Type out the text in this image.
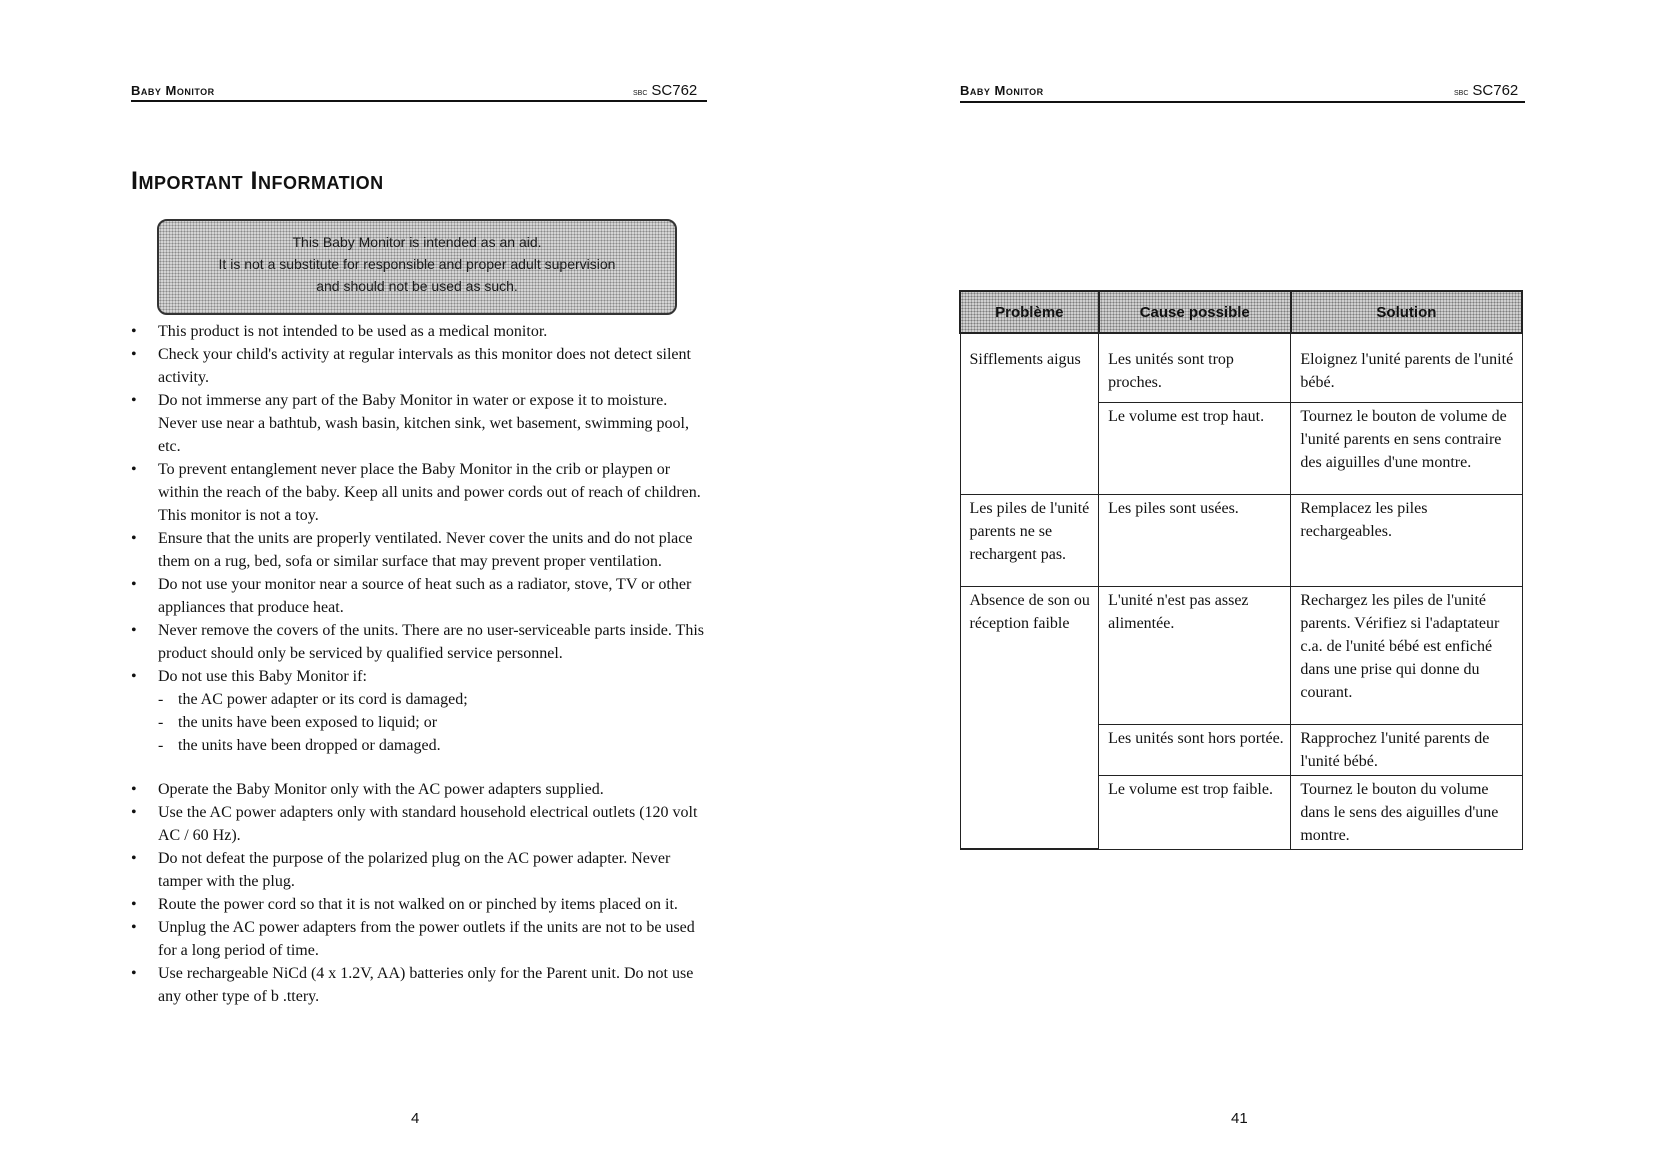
Baby Monitor	sbc SC762
Important Information
This Baby Monitor is intended as an aid.
It is not a substitute for responsible and proper adult supervision
and should not be used as such.
• This product is not intended to be used as a medical monitor.
• Check your child's activity at regular intervals as this monitor does not detect silent activity.
• Do not immerse any part of the Baby Monitor in water or expose it to moisture. Never use near a bathtub, wash basin, kitchen sink, wet basement, swimming pool, etc.
• To prevent entanglement never place the Baby Monitor in the crib or playpen or within the reach of the baby. Keep all units and power cords out of reach of children. This monitor is not a toy.
• Ensure that the units are properly ventilated. Never cover the units and do not place them on a rug, bed, sofa or similar surface that may prevent proper ventilation.
• Do not use your monitor near a source of heat such as a radiator, stove, TV or other appliances that produce heat.
• Never remove the covers of the units. There are no user-serviceable parts inside. This product should only be serviced by qualified service personnel.
• Do not use this Baby Monitor if:
- the AC power adapter or its cord is damaged;
- the units have been exposed to liquid; or
- the units have been dropped or damaged.
• Operate the Baby Monitor only with the AC power adapters supplied.
• Use the AC power adapters only with standard household electrical outlets (120 volt AC / 60 Hz).
• Do not defeat the purpose of the polarized plug on the AC power adapter. Never tamper with the plug.
• Route the power cord so that it is not walked on or pinched by items placed on it.
• Unplug the AC power adapters from the power outlets if the units are not to be used for a long period of time.
• Use rechargeable NiCd (4 x 1.2V, AA) batteries only for the Parent unit. Do not use any other type of b .ttery.
4
Baby Monitor	sbc SC762
Problème	Cause possible	Solution
Sifflements aigus	Les unités sont trop proches.	Eloignez l'unité parents de l'unité bébé.
	Le volume est trop haut.	Tournez le bouton de volume de l'unité parents en sens contraire des aiguilles d'une montre.
Les piles de l'unité parents ne se rechargent pas.	Les piles sont usées.	Remplacez les piles rechargeables.
Absence de son ou réception faible	L'unité n'est pas assez alimentée.	Rechargez les piles de l'unité parents. Vérifiez si l'adaptateur c.a. de l'unité bébé est enfiché dans une prise qui donne du courant.
	Les unités sont hors portée.	Rapprochez l'unité parents de l'unité bébé.
	Le volume est trop faible.	Tournez le bouton du volume dans le sens des aiguilles d'une montre.
41
